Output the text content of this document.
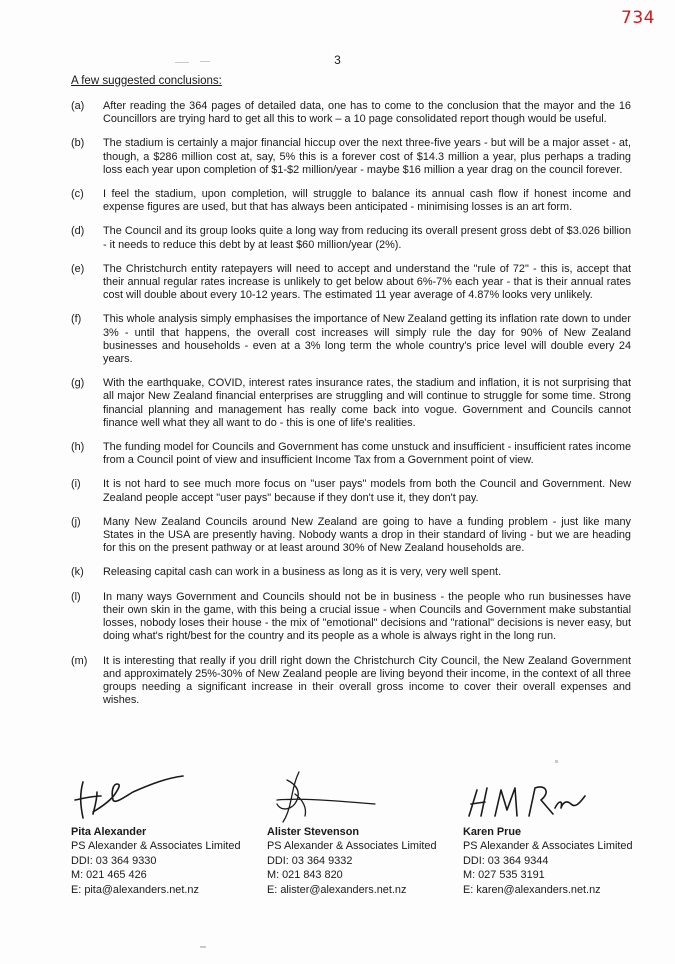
734
3
A few suggested conclusions:
(a)	After reading the 364 pages of detailed data, one has to come to the conclusion that the mayor and the 16 Councillors are trying hard to get all this to work – a 10 page consolidated report though would be useful.
(b)	The stadium is certainly a major financial hiccup over the next three-five years - but will be a major asset - at, though, a $286 million cost at, say, 5% this is a forever cost of $14.3 million a year, plus perhaps a trading loss each year upon completion of $1-$2 million/year - maybe $16 million a year drag on the council forever.
(c)	I feel the stadium, upon completion, will struggle to balance its annual cash flow if honest income and expense figures are used, but that has always been anticipated - minimising losses is an art form.
(d)	The Council and its group looks quite a long way from reducing its overall present gross debt of $3.026 billion - it needs to reduce this debt by at least $60 million/year (2%).
(e)	The Christchurch entity ratepayers will need to accept and understand the "rule of 72" - this is, accept that their annual regular rates increase is unlikely to get below about 6%-7% each year - that is their annual rates cost will double about every 10-12 years. The estimated 11 year average of 4.87% looks very unlikely.
(f)	This whole analysis simply emphasises the importance of New Zealand getting its inflation rate down to under 3% - until that happens, the overall cost increases will simply rule the day for 90% of New Zealand businesses and households - even at a 3% long term the whole country's price level will double every 24 years.
(g)	With the earthquake, COVID, interest rates insurance rates, the stadium and inflation, it is not surprising that all major New Zealand financial enterprises are struggling and will continue to struggle for some time. Strong financial planning and management has really come back into vogue. Government and Councils cannot finance well what they all want to do - this is one of life's realities.
(h)	The funding model for Councils and Government has come unstuck and insufficient - insufficient rates income from a Council point of view and insufficient Income Tax from a Government point of view.
(i)	It is not hard to see much more focus on "user pays" models from both the Council and Government. New Zealand people accept "user pays" because if they don't use it, they don't pay.
(j)	Many New Zealand Councils around New Zealand are going to have a funding problem - just like many States in the USA are presently having. Nobody wants a drop in their standard of living - but we are heading for this on the present pathway or at least around 30% of New Zealand households are.
(k)	Releasing capital cash can work in a business as long as it is very, very well spent.
(l)	In many ways Government and Councils should not be in business - the people who run businesses have their own skin in the game, with this being a crucial issue - when Councils and Government make substantial losses, nobody loses their house - the mix of "emotional" decisions and "rational" decisions is never easy, but doing what's right/best for the country and its people as a whole is always right in the long run.
(m)	It is interesting that really if you drill right down the Christchurch City Council, the New Zealand Government and approximately 25%-30% of New Zealand people are living beyond their income, in the context of all three groups needing a significant increase in their overall gross income to cover their overall expenses and wishes.
Pita Alexander
PS Alexander & Associates Limited
DDI: 03 364 9330
M: 021 465 426
E: pita@alexanders.net.nz
Alister Stevenson
PS Alexander & Associates Limited
DDI: 03 364 9332
M: 021 843 820
E: alister@alexanders.net.nz
Karen Prue
PS Alexander & Associates Limited
DDI: 03 364 9344
M: 027 535 3191
E: karen@alexanders.net.nz
